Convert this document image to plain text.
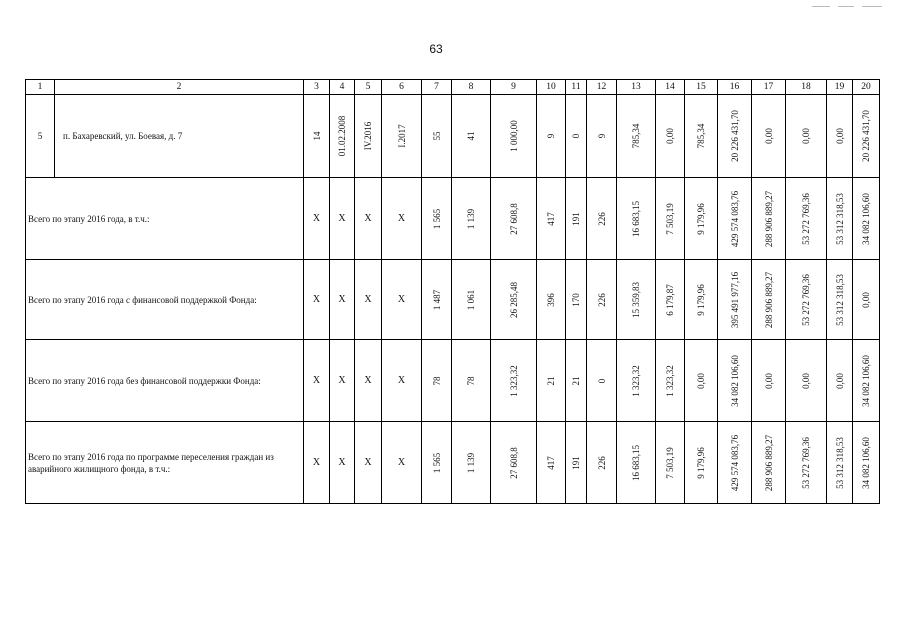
63
1	2	3	4	5	6	7	8	9	10	11	12	13	14	15	16	17	18	19	20
5	п. Бахаревский, ул. Боевая, д. 7	14	01.02.2008	IV.2016	I.2017	55	41	1 000,00	9	0	9	785,34	0,00	785,34	20 226 431,70	0,00	0,00	0,00	20 226 431,70

Всего по этапу 2016 года, в т.ч.:		Х	Х	Х	Х	1 565	1 139	27 608,8	417	191	226	16 683,15	7 503,19	9 179,96	429 574 083,76	288 906 889,27	53 272 769,36	53 312 318,53	34 082 106,60

Всего по этапу 2016 года с финансовой поддержкой Фонда:		Х	Х	Х	Х	1 487	1 061	26 285,48	396	170	226	15 359,83	6 179,87	9 179,96	395 491 977,16	288 906 889,27	53 272 769,36	53 312 318,53	0,00

Всего по этапу 2016 года без финансовой поддержки Фонда:		Х	Х	Х	Х	78	78	1 323,32	21	21	0	1 323,32	1 323,32	0,00	34 082 106,60	0,00	0,00	0,00	34 082 106,60

Всего по этапу 2016 года по программе переселения граждан из аварийного жилищного фонда, в т.ч.:		Х	Х	Х	Х	1 565	1 139	27 608,8	417	191	226	16 683,15	7 503,19	9 179,96	429 574 083,76	288 906 889,27	53 272 769,36	53 312 318,53	34 082 106,60
